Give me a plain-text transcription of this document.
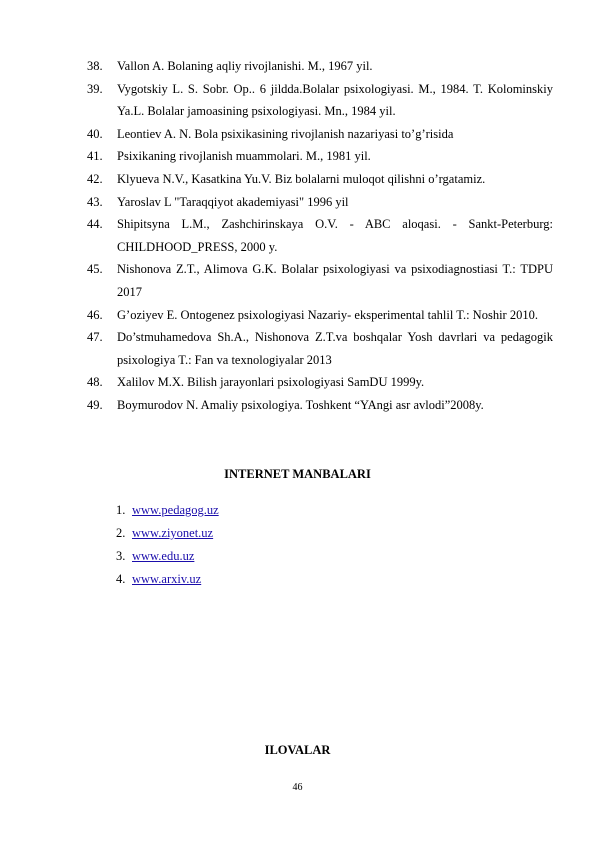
38. Vallon A. Bolaning aqliy rivojlanishi. M., 1967 yil.
39. Vygotskiy L. S. Sobr. Op.. 6 jildda.Bolalar psixologiyasi. M., 1984. T. Kolominskiy Ya.L. Bolalar jamoasining psixologiyasi. Mn., 1984 yil.
40. Leontiev A. N. Bola psixikasining rivojlanish nazariyasi to’g’risida
41. Psixikaning rivojlanish muammolari. M., 1981 yil.
42. Klyueva N.V., Kasatkina Yu.V. Biz bolalarni muloqot qilishni o’rgatamiz.
43. Yaroslav L "Taraqqiyot akademiyasi" 1996 yil
44. Shipitsyna L.M., Zashchirinskaya O.V. - ABC aloqasi. - Sankt-Peterburg: CHILDHOOD_PRESS, 2000 y.
45. Nishonova Z.T., Alimova G.K. Bolalar psixologiyasi va psixodiagnostiasi T.: TDPU 2017
46. G’oziyev E. Ontogenez psixologiyasi Nazariy- eksperimental tahlil T.: Noshir 2010.
47. Do’stmuhamedova Sh.A., Nishonova Z.T.va boshqalar Yosh davrlari va pedagogik psixologiya T.: Fan va texnologiyalar 2013
48. Xalilov M.X. Bilish jarayonlari psixologiyasi SamDU 1999y.
49. Boymurodov N. Amaliy psixologiya. Toshkent “YAngi asr avlodi”2008y.
INTERNET MANBALARI
1. www.pedagog.uz
2. www.ziyonet.uz
3. www.edu.uz
4. www.arxiv.uz
ILOVALAR
46
